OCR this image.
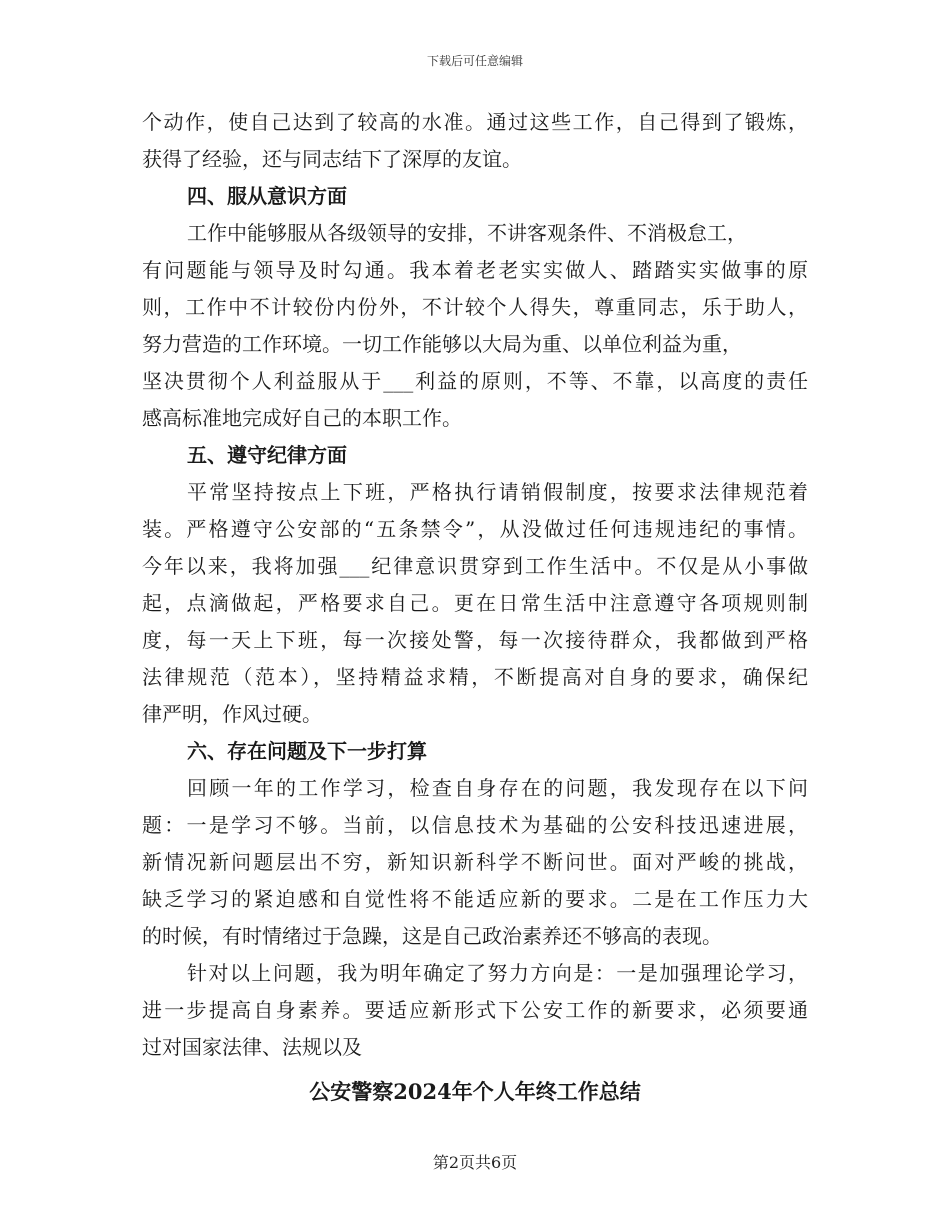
下载后可任意编辑
个动作，使自己达到了较高的水准。通过这些工作，自己得到了锻炼，
获得了经验，还与同志结下了深厚的友谊。
四、服从意识方面
工作中能够服从各级领导的安排，不讲客观条件、不消极怠工，
有问题能与领导及时勾通。我本着老老实实做人、踏踏实实做事的原
则，工作中不计较份内份外，不计较个人得失，尊重同志，乐于助人，
努力营造的工作环境。一切工作能够以大局为重、以单位利益为重，
坚决贯彻个人利益服从于___利益的原则，不等、不靠，以高度的责任
感高标准地完成好自己的本职工作。
五、遵守纪律方面
平常坚持按点上下班，严格执行请销假制度，按要求法律规范着
装。严格遵守公安部的“五条禁令”，从没做过任何违规违纪的事情。
今年以来，我将加强___纪律意识贯穿到工作生活中。不仅是从小事做
起，点滴做起，严格要求自己。更在日常生活中注意遵守各项规则制
度，每一天上下班，每一次接处警，每一次接待群众，我都做到严格
法律规范（范本），坚持精益求精，不断提高对自身的要求，确保纪
律严明，作风过硬。
六、存在问题及下一步打算
回顾一年的工作学习，检查自身存在的问题，我发现存在以下问
题：一是学习不够。当前，以信息技术为基础的公安科技迅速进展，
新情况新问题层出不穷，新知识新科学不断问世。面对严峻的挑战，
缺乏学习的紧迫感和自觉性将不能适应新的要求。二是在工作压力大
的时候，有时情绪过于急躁，这是自己政治素养还不够高的表现。
针对以上问题，我为明年确定了努力方向是：一是加强理论学习，
进一步提高自身素养。要适应新形式下公安工作的新要求，必须要通
过对国家法律、法规以及
公安警察2024年个人年终工作总结
第2页共6页
